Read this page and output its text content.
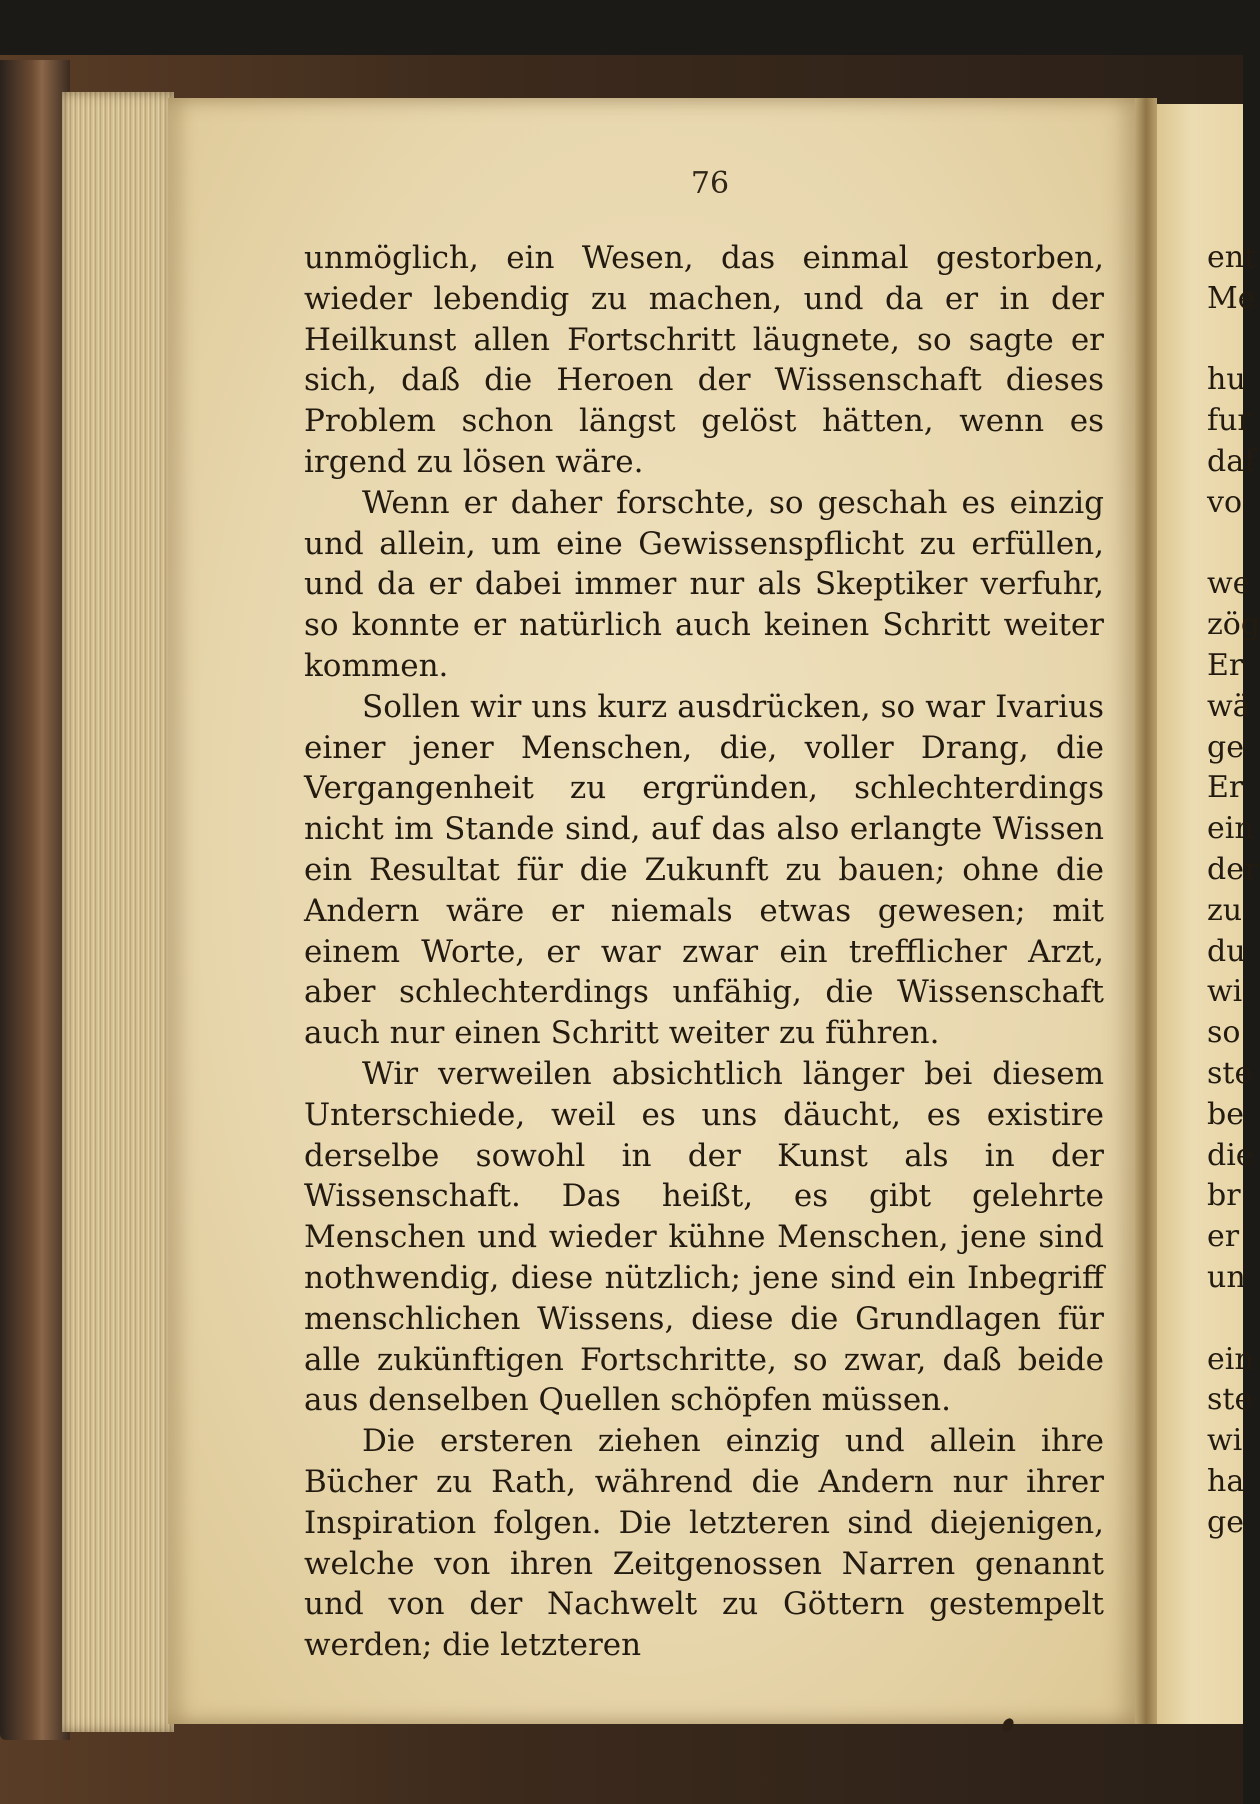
76

unmöglich, ein Wesen, das einmal gestorben, wieder lebendig zu machen, und da er in der Heilkunst allen Fortschritt läugnete, so sagte er sich, daß die Heroen der Wissenschaft dieses Problem schon längst gelöst hätten, wenn es irgend zu lösen wäre.

Wenn er daher forschte, so geschah es einzig und allein, um eine Gewissenspflicht zu erfüllen, und da er dabei immer nur als Skeptiker verfuhr, so konnte er natürlich auch keinen Schritt weiter kommen.

Sollen wir uns kurz ausdrücken, so war Ivarius einer jener Menschen, die, voller Drang, die Vergangenheit zu ergründen, schlechterdings nicht im Stande sind, auf das also erlangte Wissen ein Resultat für die Zukunft zu bauen; ohne die Andern wäre er niemals etwas gewesen; mit einem Worte, er war zwar ein trefflicher Arzt, aber schlechterdings unfähig, die Wissenschaft auch nur einen Schritt weiter zu führen.

Wir verweilen absichtlich länger bei diesem Unterschiede, weil es uns däucht, es existire derselbe sowohl in der Kunst als in der Wissenschaft. Das heißt, es gibt gelehrte Menschen und wieder kühne Menschen, jene sind nothwendig, diese nützlich; jene sind ein Inbegriff menschlichen Wissens, diese die Grundlagen für alle zukünftigen Fortschritte, so zwar, daß beide aus denselben Quellen schöpfen müssen.

Die ersteren ziehen einzig und allein ihre Bücher zu Rath, während die Andern nur ihrer Inspiration folgen. Die letzteren sind diejenigen, welche von ihren Zeitgenossen Narren genannt und von der Nachwelt zu Göttern gestempelt werden; die letzteren

ent
Me
hu
fur
daf
vo
we
zög
Er
wä
ge
Er
ein
der
zu
du
wi
so
ste
be
die
br
er
un
ein
ste
wi
ha
ge
